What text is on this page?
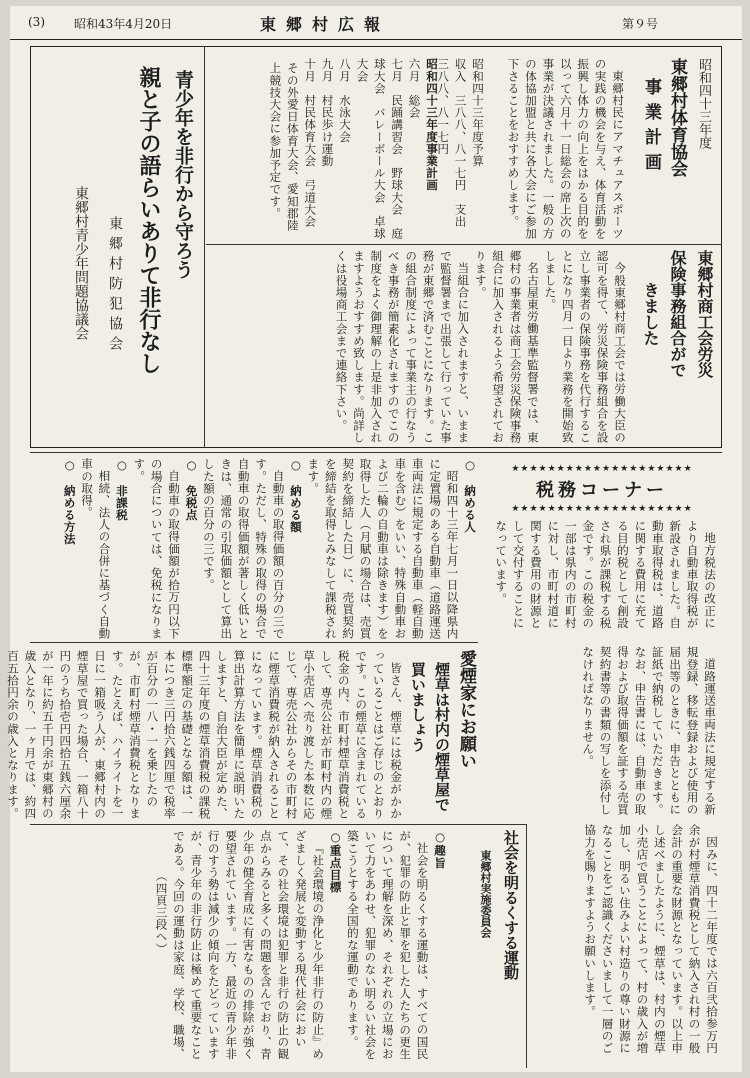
(3) 昭和43年4月20日	東郷村広報	第９号
昭和四十三年度
東郷村体育協会
事業計画

東郷村民にアマチュアスポーツの実践の機会を与え、体育活動を振興し体力の向上をはかる目的を以って六月十一日総会の席上次の事業が決議されました。一般の方の体協加盟と共に各大会にご参加下さることをおすすめします。

昭和四十三年度予算

収入　三八八、八一七円　支出　三八八、八一七円

昭和四十三年度事業計画

六月　総会

七月　民踊講習会　野球大会　庭球大会　バレーボール大会　卓球大会

八月　水泳大会

九月　村民歩け運動

十月　村民体育大会　弓道大会

その外愛日体育大会、愛知郡陸上競技大会に参加予定です。

青少年を非行から守ろう
親と子の語らいありて非行なし
東郷村防犯協会
東郷村青少年問題協議会	東郷村商工会労災
保険事務組合がで
きました

今般東郷村商工会では労働大臣の認可を得て、労災保険事務組合を設立し事業者の保険事務を代行することになり四月一日より業務を開始致しました。

名古屋東労働基準監督署では、東郷村の事業者は商工会労災保険事務組合に加入されるよう希望されております。

当組合に加入されますと、いままで監督署まで出張して行っていた事務が東郷で済むことになります。この組合制度によって事業主の行なうべき事務が簡素化されますのでこの制度をよく御理解の上是非加入されますようおすすめ致します。尚詳しくは役場商工会まで連絡下さい。

★★★★★★★★★★★★★★★★★★★★
税務コーナー
★★★★★★★★★★★★★★★★★★★★

地方税法の改正により自動車取得税が新設されました。自動車取得税は、道路に関する費用に充てる目的税として創設され県が課税する税金です。この税金の一部は県内の市町村に対し、市町村道に関する費用の財源として交付することになっています。

○　納める人

昭和四十三年七月一日以降県内に定置場のある自動車（道路運送車両法に規定する自動車（軽自動車を含む）をいい、特殊自動車および二輪の自動車は除きます）を取得した人（月賦の場合は、売買契約を締結した日）に、売買契約を締結を取得とみなして課税されます。

○　納める額

自動車の取得価額の百分の三です。ただし、特殊の取得の場合で自動車の取得価額が著しく低いときは、通常の引取価額として算出した額の百分の三です。

○　免税点

自動車の取得価額が拾万円以下の場合については、免税になります。

○　非課税

相続、法人の合併に基づく自動車の取得。

○　納める方法

道路運送車両法に規定する新規登録、移転登録および使用の届出等のときに、申告とともに証紙で納税していただきます。なお、申告書には、自動車の取得および取得価額を証する売買契約書等の書類の写しを添付しなければなりません。

愛煙家にお願い
煙草は村内の煙草屋で
買いましょう

皆さん、煙草には税金がかかっていることはご存じのとおりです。この煙草に含まれている税金の内、市町村煙草消費税として、専売公社が市町村内の煙草小売店へ売り渡した本数に応じて、専売公社からその市町村に煙草消費税が納入されることになっています。煙草消費税の算出計算方法を簡単に説明いたしますと、自治大臣が定めた、四十三年度の煙草消費税の課税標準額定の基礎となる額は、一本につき三円拾六銭四厘で税率が百分の一八・一を乗じたのが、市町村煙草消費税となります。たとえば、ハイライトを一日に一箱吸う人が、東郷村内の煙草屋で買った場合、一箱八十円のうち拾壱円四拾五銭六厘余が一年に約五千円余が東郷村の歳入となり、一ヶ月では、約四百五拾円余の歳入となります。

因みに、四十二年度では六百弐拾参万円余が村煙草消費税として納入され村の一般会計の重要な財源となっています。以上申し述べましたように、煙草は、村内の煙草小売店で買うことによって、村の歳入が増加し、明るい住みよい村造りの尊い財源になることをご認識くださいまして一層のご協力を賜りますようお願いします。

社会を明るくする運動
東郷村実施委員会

○趣旨

社会を明るくする運動は、すべての国民が、犯罪の防止と罪を犯した人たちの更生について理解を深め、それぞれの立場において力をあわせ、犯罪のない明るい社会を築こうとする全国的な運動であります。

○重点目標

『社会環境の浄化と少年非行の防止』めざましく発展と変動する現代社会において、その社会環境は犯罪と非行の防止の観点からみると多くの問題を含んでおり、青少年の健全育成に有害なものの排除が強く要望されています。一方、最近の青少年非行のすう勢は減少の傾向をたどっていますが、青少年の非行防止は極めて重要なことである。今回の運動は家庭、学校、職場、

（四頁三段へ）
